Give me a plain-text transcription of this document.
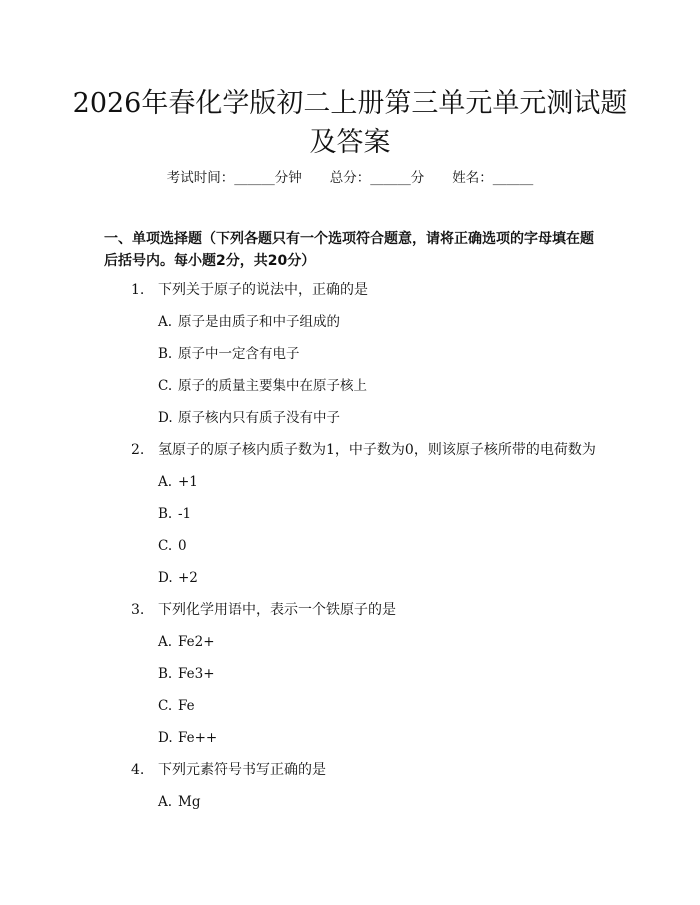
2026年春化学版初二上册第三单元单元测试题及答案
考试时间：______分钟 总分：______分 姓名：______

一、单项选择题（下列各题只有一个选项符合题意，请将正确选项的字母填在题后括号内。每小题2分，共20分）

1. 下列关于原子的说法中，正确的是
A. 原子是由质子和中子组成的
B. 原子中一定含有电子
C. 原子的质量主要集中在原子核上
D. 原子核内只有质子没有中子
2. 氢原子的原子核内质子数为1，中子数为0，则该原子核所带的电荷数为
A. +1
B. -1
C. 0
D. +2
3. 下列化学用语中，表示一个铁原子的是
A. Fe2+
B. Fe3+
C. Fe
D. Fe++
4. 下列元素符号书写正确的是
A. Mg
